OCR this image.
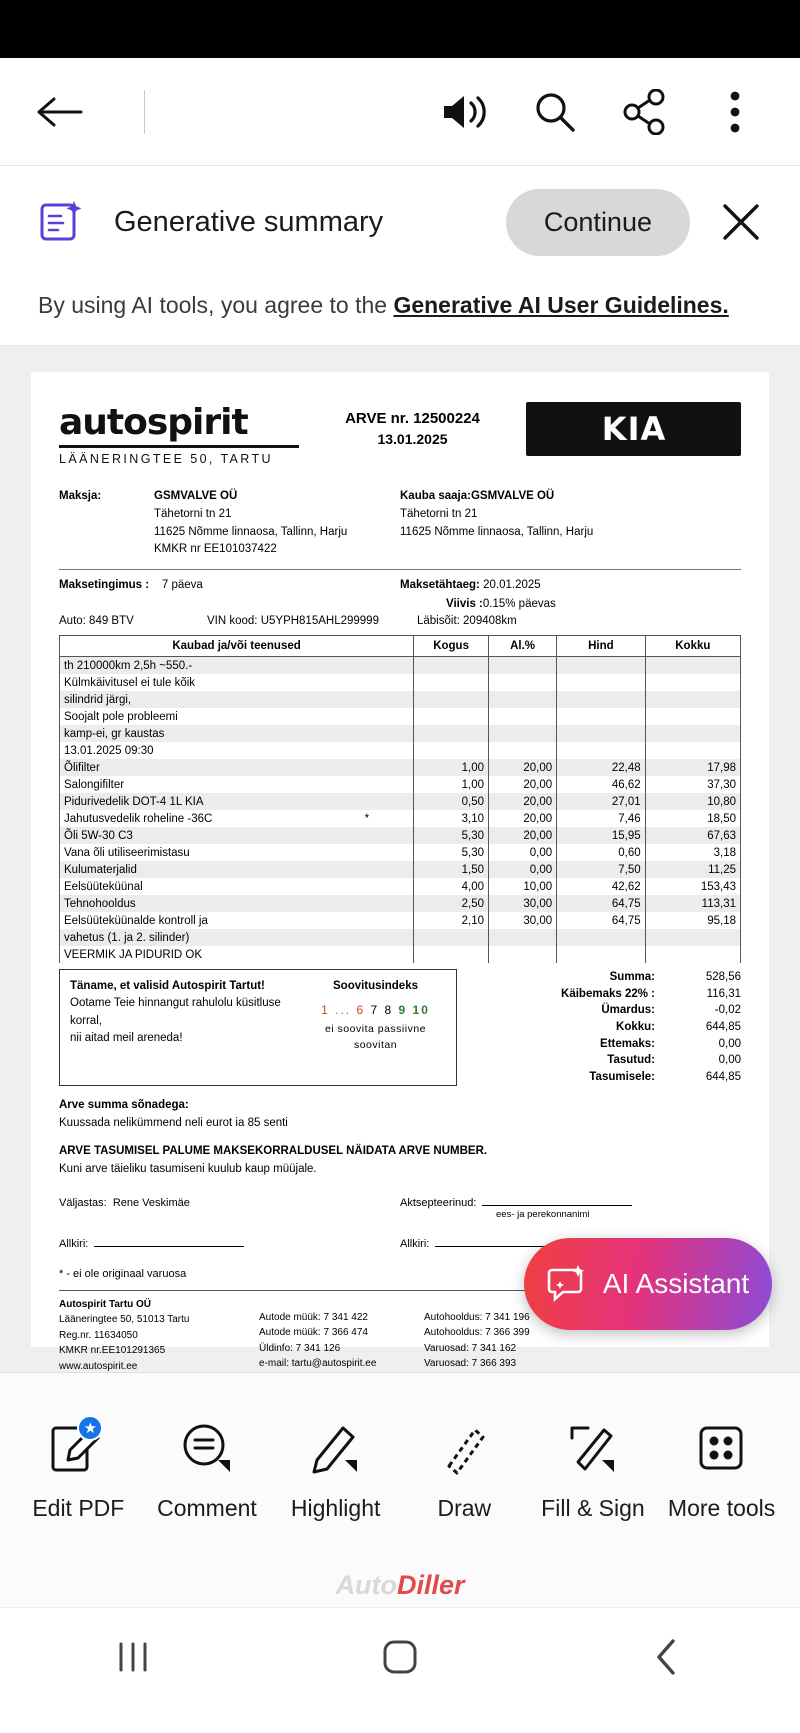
Generative summary	Continue
By using AI tools, you agree to the Generative AI User Guidelines.
autospirit
LÄÄNERINGTEE 50, TARTU
ARVE nr. 12500224
13.01.2025	KIA
Maksja:	GSMVALVE OÜ
Tähetorni tn 21
11625 Nõmme linnaosa, Tallinn, Harju
KMKR nr EE101037422
Kauba saaja: GSMVALVE OÜ
Tähetorni tn 21
11625 Nõmme linnaosa, Tallinn, Harju
Maksetingimus : 7 päeva	Maksetähtaeg: 20.01.2025
Viivis :0.15% päevas
Auto: 849 BTV	VIN kood: U5YPH815AHL299999	Läbisõit: 209408km
Kaubad ja/või teenused	Kogus	Al.%	Hind	Kokku
th 210000km 2,5h ~550.-				
Külmkäivitusel ei tule kõik				
silindrid järgi,				
Soojalt pole probleemi				
kamp-ei, gr kaustas				
13.01.2025 09:30				
Õlifilter	1,00	20,00	22,48	17,98
Salongifilter	1,00	20,00	46,62	37,30
Pidurivedelik DOT-4 1L KIA	0,50	20,00	27,01	10,80
Jahutusvedelik roheline -36C *	3,10	20,00	7,46	18,50
Õli 5W-30 C3	5,30	20,00	15,95	67,63
Vana õli utiliseerimistasu	5,30	0,00	0,60	3,18
Kulumaterjalid	1,50	0,00	7,50	11,25
Eelsüüteküünal	4,00	10,00	42,62	153,43
Tehnohooldus	2,50	30,00	64,75	113,31
Eelsüüteküünalde kontroll ja	2,10	30,00	64,75	95,18
vahetus (1. ja 2. silinder)				
VEERMIK JA PIDURID OK				
Täname, et valisid Autospirit Tartut!
Ootame Teie hinnangut rahulolu küsitluse korral,
nii aitad meil areneda!
Soovitusindeks
1 ... 6 7 8 9 10
ei soovita passiivne soovitan
Summa:	528,56
Käibemaks 22% :	116,31
Ümardus:	-0,02
Kokku:	644,85
Ettemaks:	0,00
Tasutud:	0,00
Tasumisele:	644,85
Arve summa sõnadega:
Kuussada nelikümmend neli eurot ia 85 senti
ARVE TASUMISEL PALUME MAKSEKORRALDUSEL NÄIDATA ARVE NUMBER.
Kuni arve täieliku tasumiseni kuulub kaup müüjale.
Väljastas: Rene Veskimäe	Aktsepteerinud:
ees- ja perekonnanimi
Allkiri:	Allkiri:
* - ei ole originaal varuosa
Autospirit Tartu OÜ
Lääneringtee 50, 51013 Tartu
Reg.nr. 11634050
KMKR nr.EE101291365
www.autospirit.ee
Autode müük: 7 341 422
Autode müük: 7 366 474
Üldinfo: 7 341 126
e-mail: tartu@autospirit.ee
Autohooldus: 7 341 196
Autohooldus: 7 366 399
Varuosad: 7 341 162
Varuosad: 7 366 393
AI Assistant
★
Edit PDF Comment Highlight Draw Fill & Sign More tools
AutoDiller
